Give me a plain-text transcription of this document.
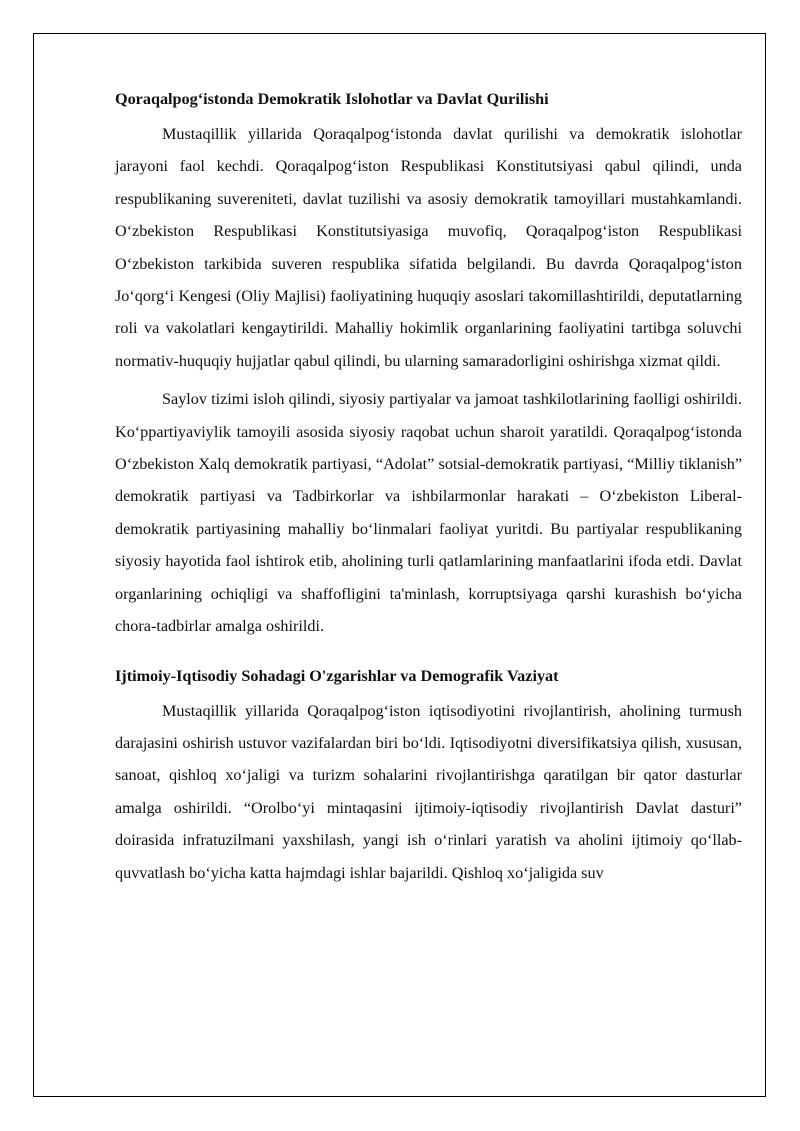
Qoraqalpog‘istonda Demokratik Islohotlar va Davlat Qurilishi

Mustaqillik yillarida Qoraqalpog‘istonda davlat qurilishi va demokratik islohotlar jarayoni faol kechdi. Qoraqalpog‘iston Respublikasi Konstitutsiyasi qabul qilindi, unda respublikaning suvereniteti, davlat tuzilishi va asosiy demokratik tamoyillari mustahkamlandi. O‘zbekiston Respublikasi Konstitutsiyasiga muvofiq, Qoraqalpog‘iston Respublikasi O‘zbekiston tarkibida suveren respublika sifatida belgilandi. Bu davrda Qoraqalpog‘iston Jo‘qorg‘i Kengesi (Oliy Majlisi) faoliyatining huquqiy asoslari takomillashtirildi, deputatlarning roli va vakolatlari kengaytirildi. Mahalliy hokimlik organlarining faoliyatini tartibga soluvchi normativ-huquqiy hujjatlar qabul qilindi, bu ularning samaradorligini oshirishga xizmat qildi.

Saylov tizimi isloh qilindi, siyosiy partiyalar va jamoat tashkilotlarining faolligi oshirildi. Ko‘ppartiyaviylik tamoyili asosida siyosiy raqobat uchun sharoit yaratildi. Qoraqalpog‘istonda O‘zbekiston Xalq demokratik partiyasi, “Adolat” sotsial-demokratik partiyasi, “Milliy tiklanish” demokratik partiyasi va Tadbirkorlar va ishbilarmonlar harakati – O‘zbekiston Liberal-demokratik partiyasining mahalliy bo‘linmalari faoliyat yuritdi. Bu partiyalar respublikaning siyosiy hayotida faol ishtirok etib, aholining turli qatlamlarining manfaatlarini ifoda etdi. Davlat organlarining ochiqligi va shaffofligini ta'minlash, korruptsiyaga qarshi kurashish bo‘yicha chora-tadbirlar amalga oshirildi.

Ijtimoiy-Iqtisodiy Sohadagi O'zgarishlar va Demografik Vaziyat

Mustaqillik yillarida Qoraqalpog‘iston iqtisodiyotini rivojlantirish, aholining turmush darajasini oshirish ustuvor vazifalardan biri bo‘ldi. Iqtisodiyotni diversifikatsiya qilish, xususan, sanoat, qishloq xo‘jaligi va turizm sohalarini rivojlantirishga qaratilgan bir qator dasturlar amalga oshirildi. “Orolbo‘yi mintaqasini ijtimoiy-iqtisodiy rivojlantirish Davlat dasturi” doirasida infratuzilmani yaxshilash, yangi ish o‘rinlari yaratish va aholini ijtimoiy qo‘llab-quvvatlash bo‘yicha katta hajmdagi ishlar bajarildi. Qishloq xo‘jaligida suv
